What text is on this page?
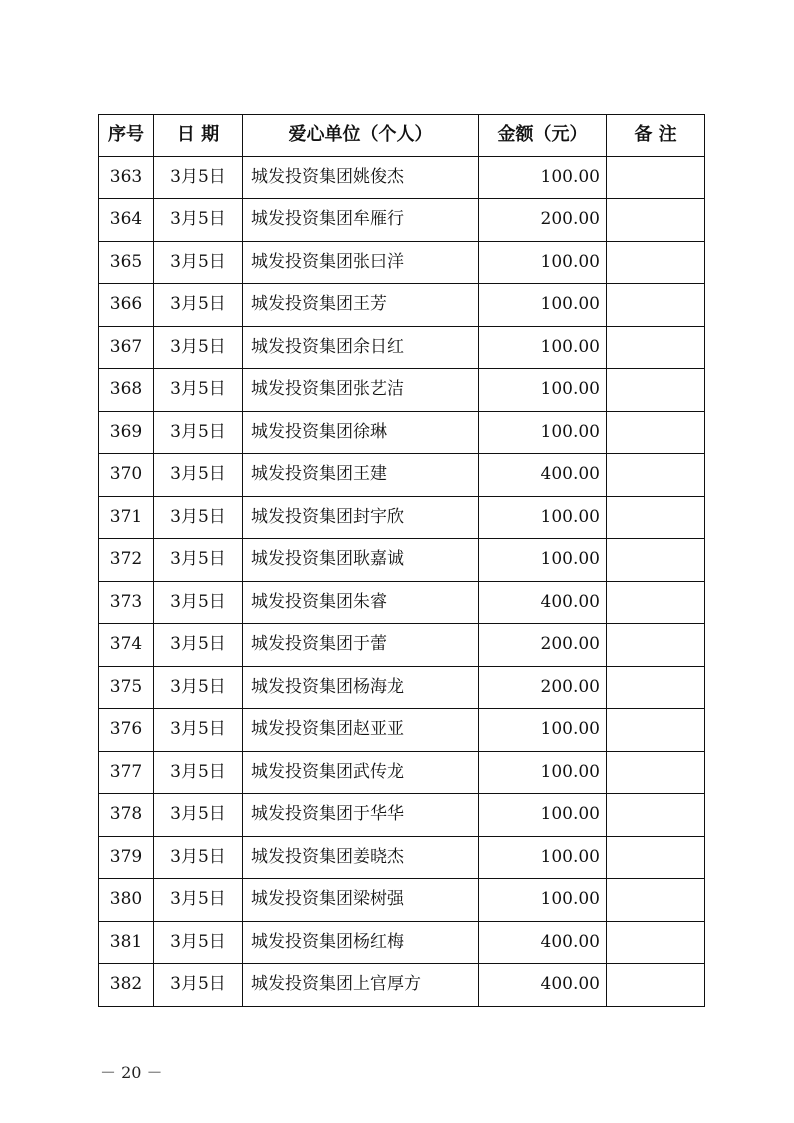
序号	日 期	爱心单位（个人）	金额（元）	备 注
363	3月5日	城发投资集团姚俊杰	100.00	
364	3月5日	城发投资集团牟雁行	200.00	
365	3月5日	城发投资集团张曰洋	100.00	
366	3月5日	城发投资集团王芳	100.00	
367	3月5日	城发投资集团余日红	100.00	
368	3月5日	城发投资集团张艺洁	100.00	
369	3月5日	城发投资集团徐琳	100.00	
370	3月5日	城发投资集团王建	400.00	
371	3月5日	城发投资集团封宇欣	100.00	
372	3月5日	城发投资集团耿嘉诚	100.00	
373	3月5日	城发投资集团朱睿	400.00	
374	3月5日	城发投资集团于蕾	200.00	
375	3月5日	城发投资集团杨海龙	200.00	
376	3月5日	城发投资集团赵亚亚	100.00	
377	3月5日	城发投资集团武传龙	100.00	
378	3月5日	城发投资集团于华华	100.00	
379	3月5日	城发投资集团姜晓杰	100.00	
380	3月5日	城发投资集团梁树强	100.00	
381	3月5日	城发投资集团杨红梅	400.00	
382	3月5日	城发投资集团上官厚方	400.00	
－ 20 －
